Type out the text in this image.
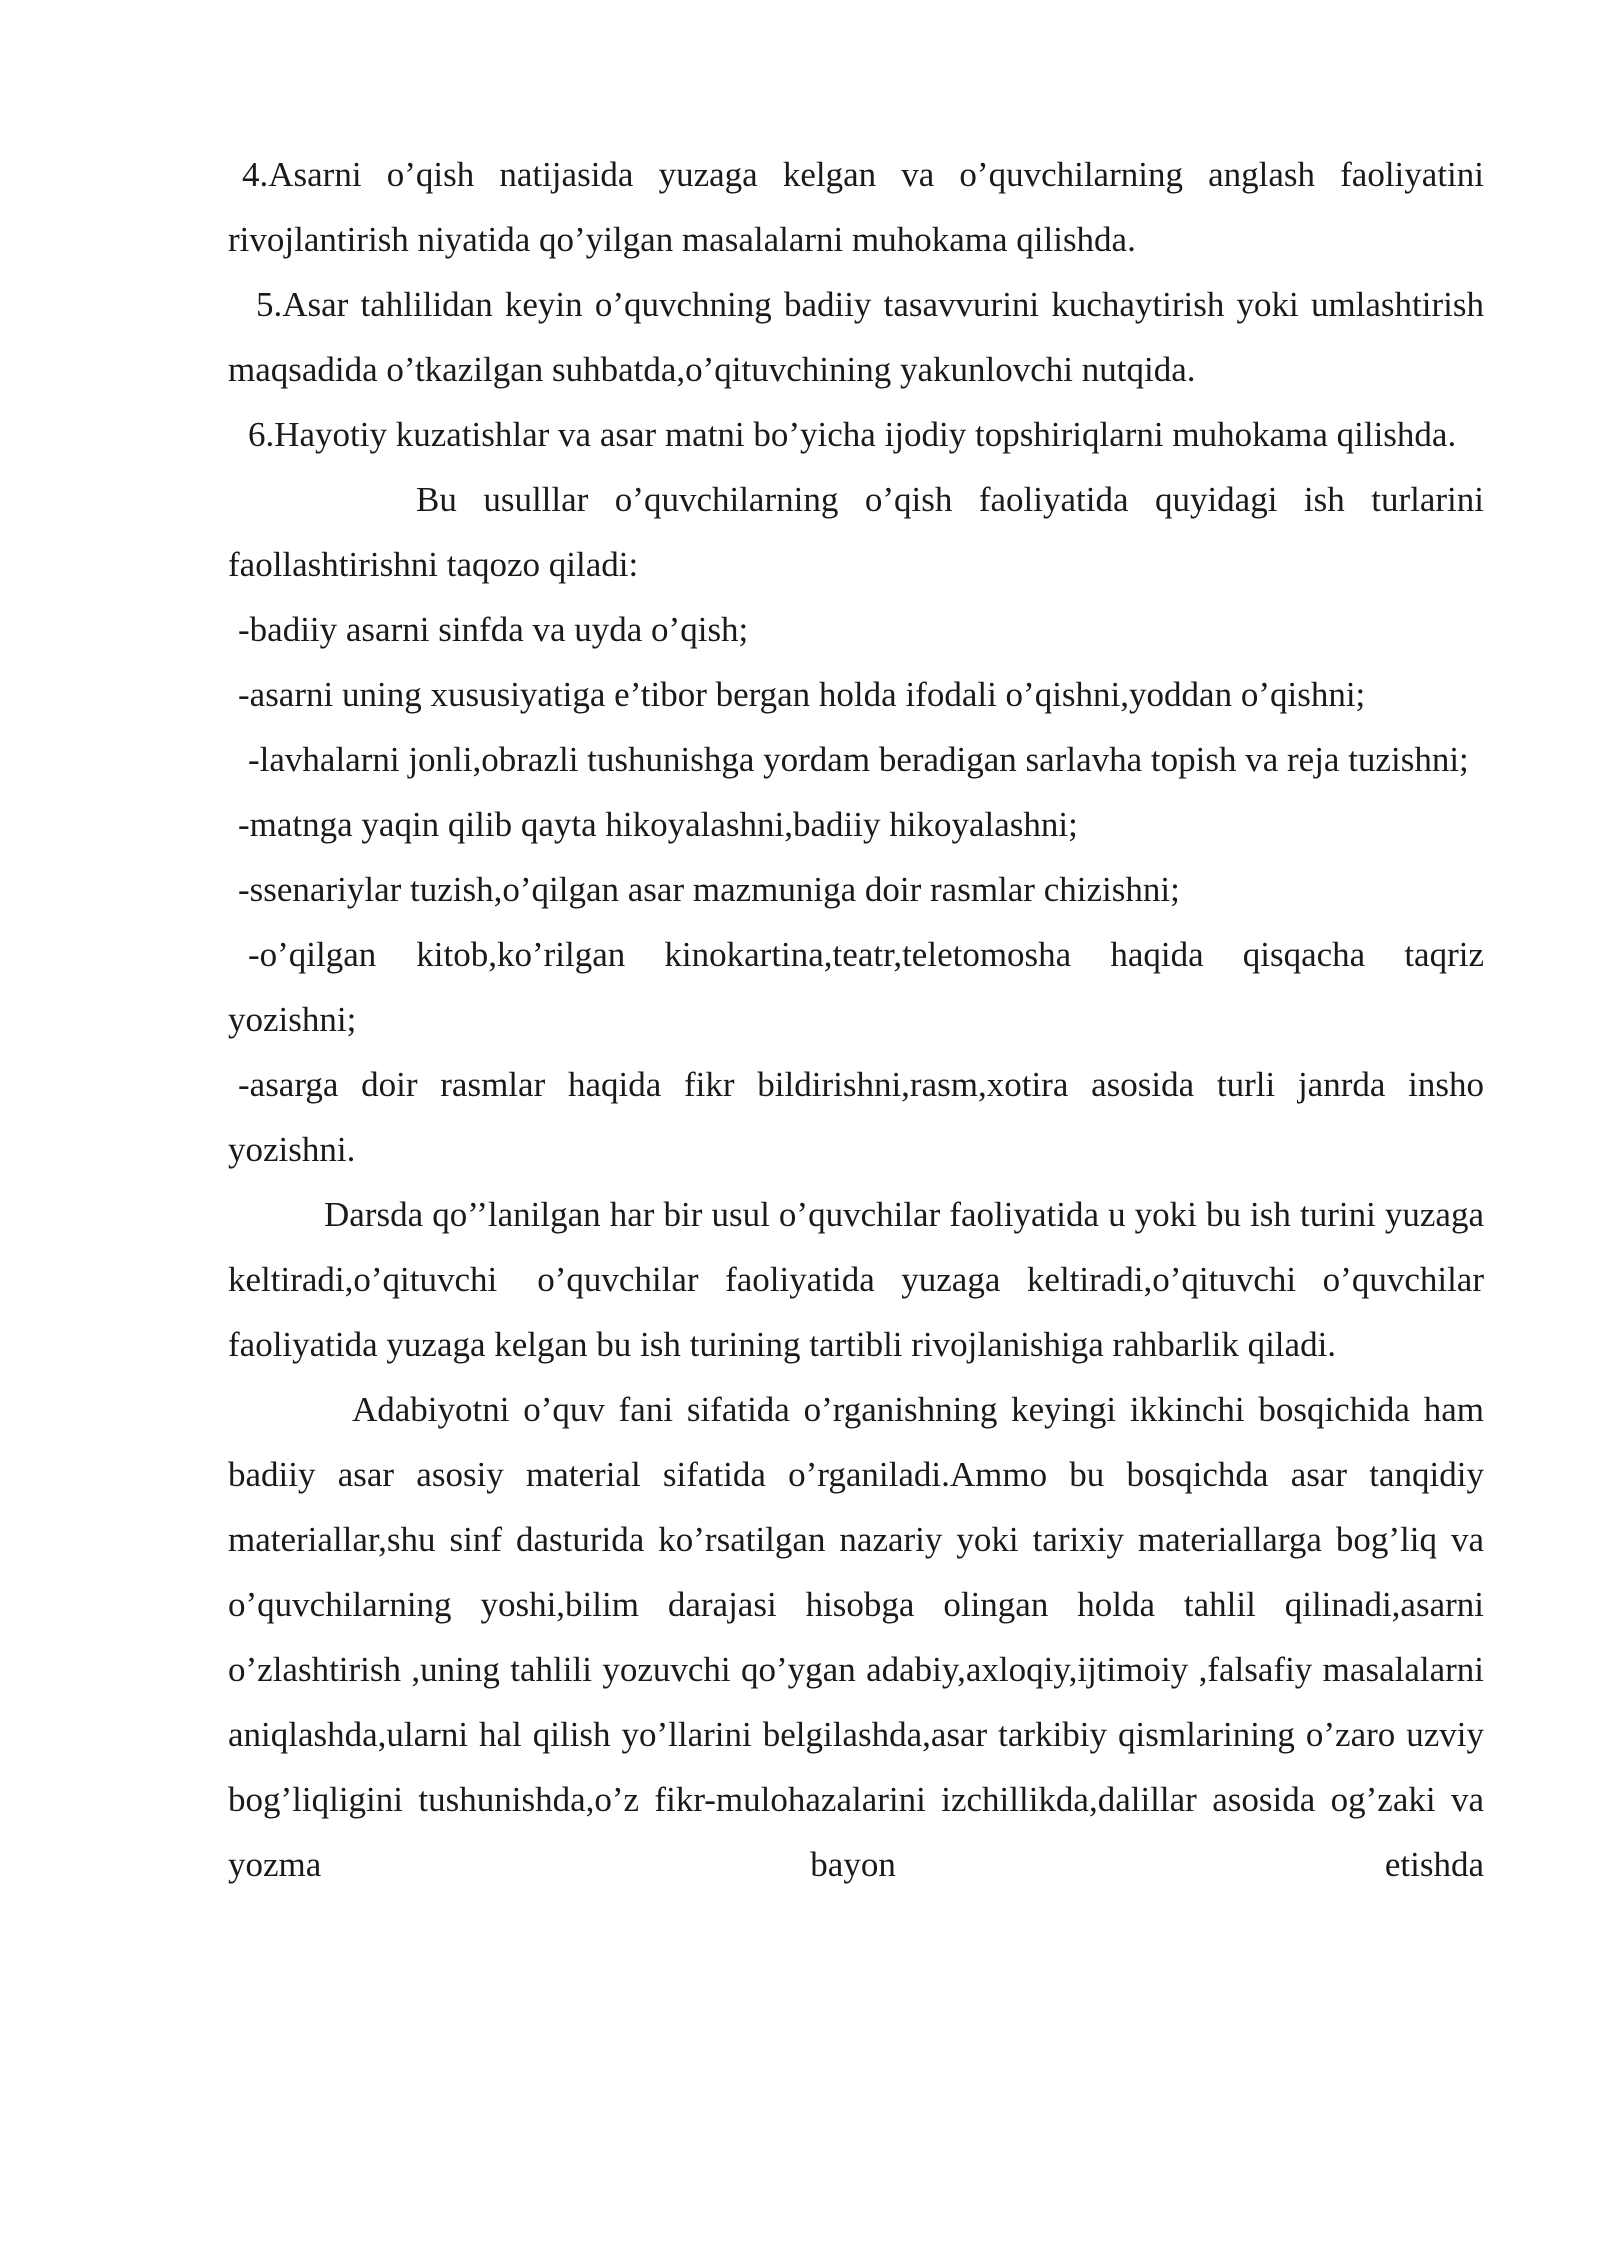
4.Asarni o’qish natijasida yuzaga kelgan va o’quvchilarning anglash faoliyatini rivojlantirish niyatida qo’yilgan masalalarni muhokama qilishda.

5.Asar tahlilidan keyin o’quvchning badiiy tasavvurini kuchaytirish yoki umlashtirish maqsadida o’tkazilgan suhbatda,o’qituvchining yakunlovchi nutqida.

6.Hayotiy kuzatishlar va asar matni bo’yicha ijodiy topshiriqlarni muhokama qilishda.

Bu usulllar o’quvchilarning o’qish faoliyatida quyidagi ish turlarini faollashtirishni taqozo qiladi:

-badiiy asarni sinfda va uyda o’qish;

-asarni uning xususiyatiga e’tibor bergan holda ifodali o’qishni,yoddan o’qishni;

-lavhalarni jonli,obrazli tushunishga yordam beradigan sarlavha topish va reja tuzishni;

-matnga yaqin qilib qayta hikoyalashni,badiiy hikoyalashni;

-ssenariylar tuzish,o’qilgan asar mazmuniga doir rasmlar chizishni;

-o’qilgan kitob,ko’rilgan kinokartina,teatr,teletomosha haqida qisqacha taqriz yozishni;

-asarga doir rasmlar haqida fikr bildirishni,rasm,xotira asosida turli janrda insho yozishni.

Darsda qo’’lanilgan har bir usul o’quvchilar faoliyatida u yoki bu ish turini yuzaga keltiradi,o’qituvchi o’quvchilar faoliyatida yuzaga keltiradi,o’qituvchi o’quvchilar faoliyatida yuzaga kelgan bu ish turining tartibli rivojlanishiga rahbarlik qiladi.

Adabiyotni o’quv fani sifatida o’rganishning keyingi ikkinchi bosqichida ham badiiy asar asosiy material sifatida o’rganiladi.Ammo bu bosqichda asar tanqidiy materiallar,shu sinf dasturida ko’rsatilgan nazariy yoki tarixiy materiallarga bog’liq va o’quvchilarning yoshi,bilim darajasi hisobga olingan holda tahlil qilinadi,asarni o’zlashtirish ,uning tahlili yozuvchi qo’ygan adabiy,axloqiy,ijtimoiy ,falsafiy masalalarni aniqlashda,ularni hal qilish yo’llarini belgilashda,asar tarkibiy qismlarining o’zaro uzviy bog’liqligini tushunishda,o’z fikr-mulohazalarini izchillikda,dalillar asosida og’zaki va yozma bayon etishda
